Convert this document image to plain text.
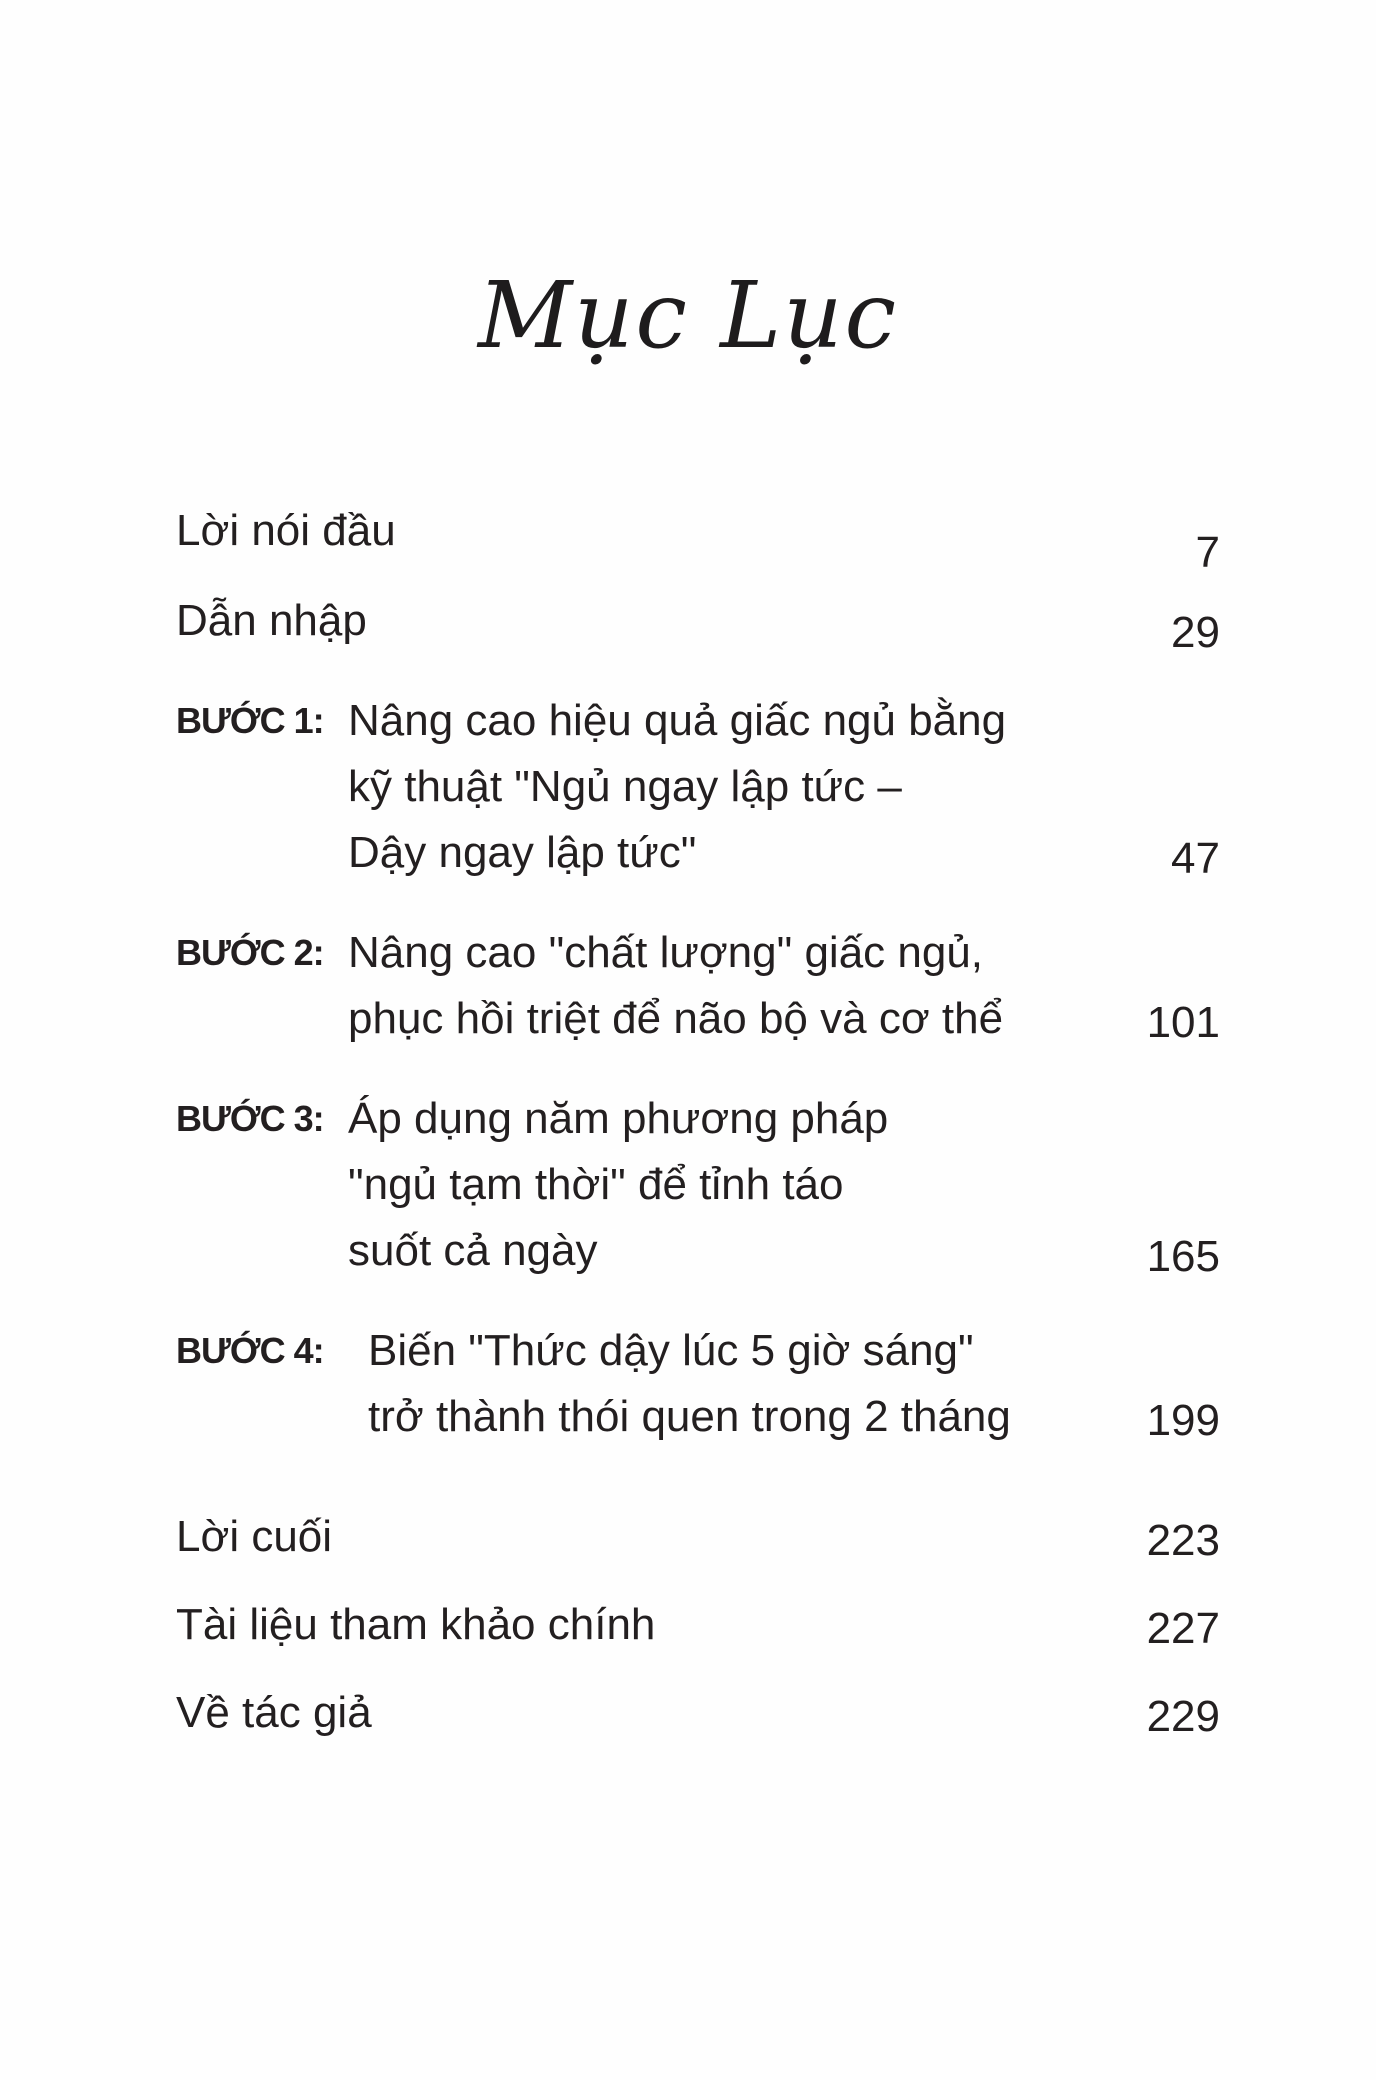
Mục Lục
Lời nói đầu	7
Dẫn nhập	29
BƯỚC 1: Nâng cao hiệu quả giấc ngủ bằng
kỹ thuật "Ngủ ngay lập tức –
Dậy ngay lập tức"	47
BƯỚC 2: Nâng cao "chất lượng" giấc ngủ,
phục hồi triệt để não bộ và cơ thể	101
BƯỚC 3: Áp dụng năm phương pháp
"ngủ tạm thời" để tỉnh táo
suốt cả ngày	165
BƯỚC 4: Biến "Thức dậy lúc 5 giờ sáng"
trở thành thói quen trong 2 tháng	199
Lời cuối	223
Tài liệu tham khảo chính	227
Về tác giả	229
